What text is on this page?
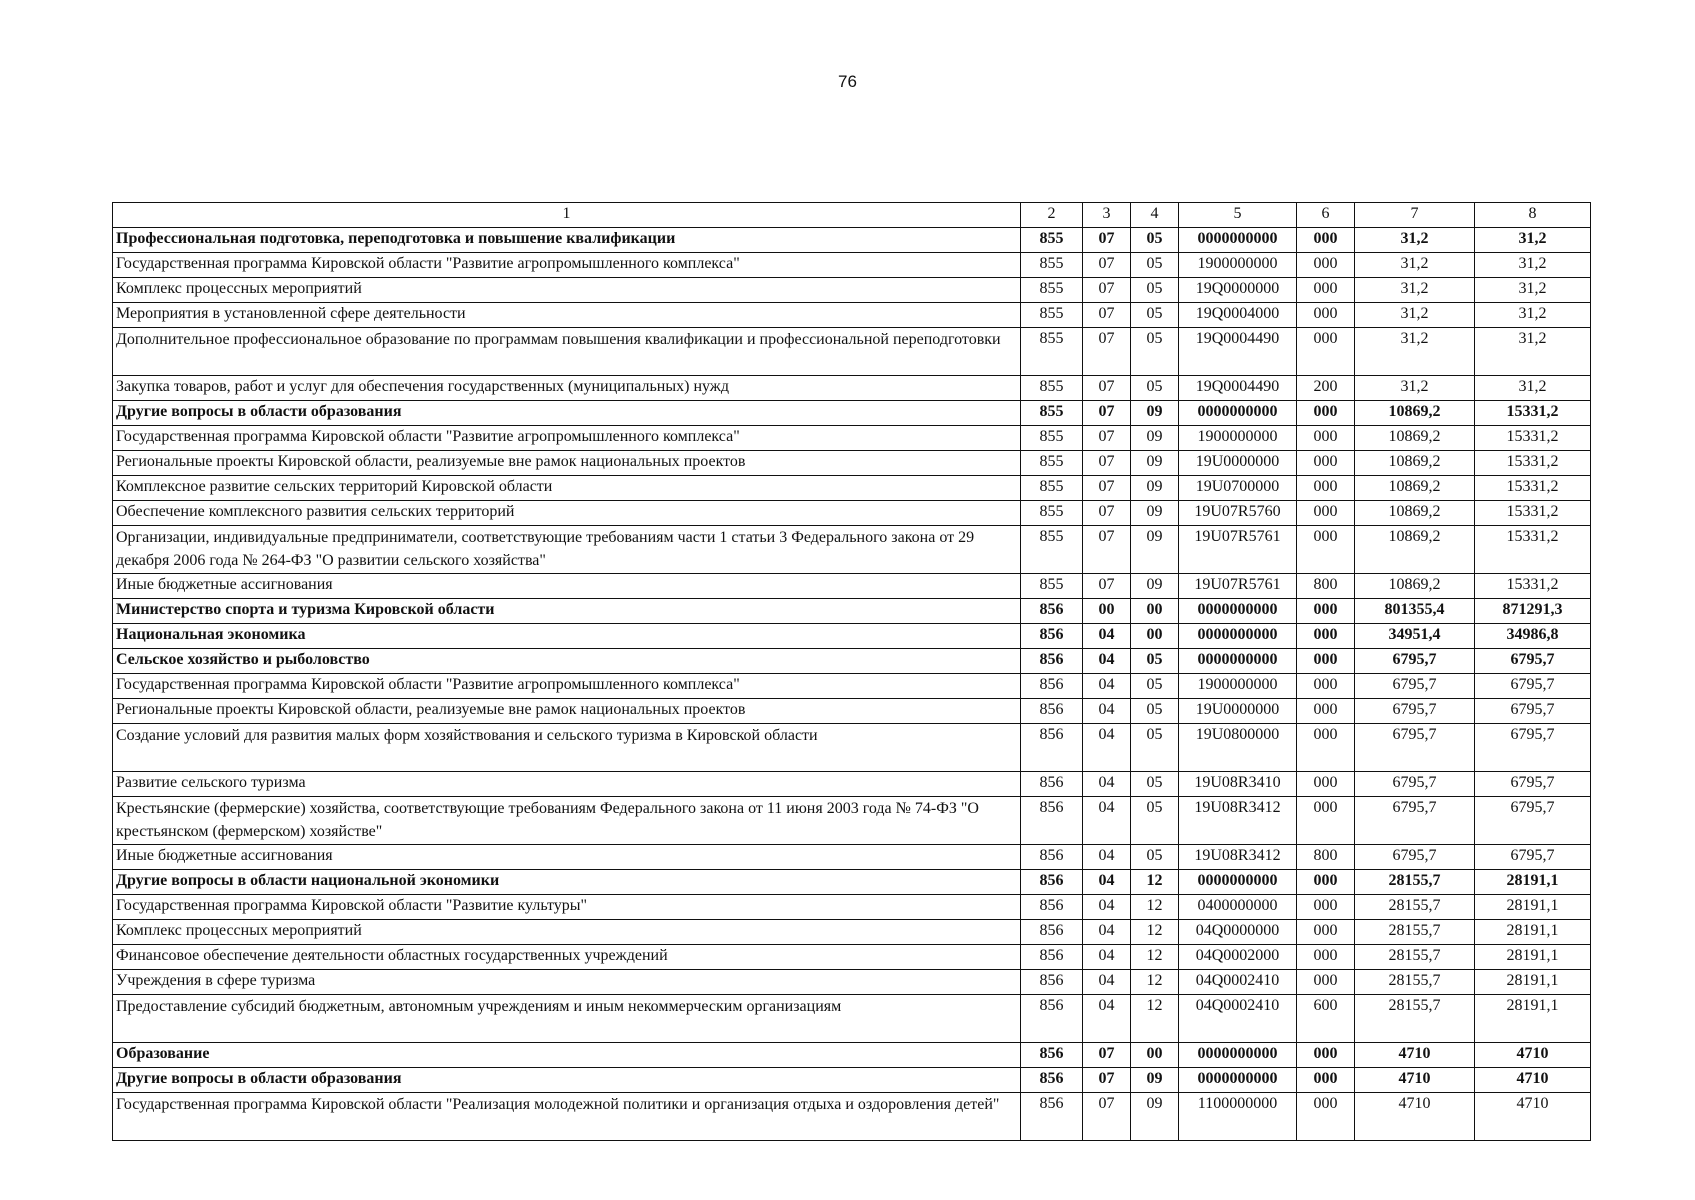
76
1	2	3	4	5	6	7	8
Профессиональная подготовка, переподготовка и повышение квалификации	855	07	05	0000000000	000	31,2	31,2
Государственная программа Кировской области "Развитие агропромышленного комплекса"	855	07	05	1900000000	000	31,2	31,2
Комплекс процессных мероприятий	855	07	05	19Q0000000	000	31,2	31,2
Мероприятия в установленной сфере деятельности	855	07	05	19Q0004000	000	31,2	31,2
Дополнительное профессиональное образование по программам повышения квалификации и профессиональной переподготовки	855	07	05	19Q0004490	000	31,2	31,2
Закупка товаров, работ и услуг для обеспечения государственных (муниципальных) нужд	855	07	05	19Q0004490	200	31,2	31,2
Другие вопросы в области образования	855	07	09	0000000000	000	10869,2	15331,2
Государственная программа Кировской области "Развитие агропромышленного комплекса"	855	07	09	1900000000	000	10869,2	15331,2
Региональные проекты Кировской области, реализуемые вне рамок национальных проектов	855	07	09	19U0000000	000	10869,2	15331,2
Комплексное развитие сельских территорий Кировской области	855	07	09	19U0700000	000	10869,2	15331,2
Обеспечение комплексного развития сельских территорий	855	07	09	19U07R5760	000	10869,2	15331,2
Организации, индивидуальные предприниматели, соответствующие требованиям части 1 статьи 3 Федерального закона от 29 декабря 2006 года № 264-ФЗ "О развитии сельского хозяйства"	855	07	09	19U07R5761	000	10869,2	15331,2
Иные бюджетные ассигнования	855	07	09	19U07R5761	800	10869,2	15331,2
Министерство спорта и туризма Кировской области	856	00	00	0000000000	000	801355,4	871291,3
Национальная экономика	856	04	00	0000000000	000	34951,4	34986,8
Сельское хозяйство и рыболовство	856	04	05	0000000000	000	6795,7	6795,7
Государственная программа Кировской области "Развитие агропромышленного комплекса"	856	04	05	1900000000	000	6795,7	6795,7
Региональные проекты Кировской области, реализуемые вне рамок национальных проектов	856	04	05	19U0000000	000	6795,7	6795,7
Создание условий для развития малых форм хозяйствования и сельского туризма в Кировской области	856	04	05	19U0800000	000	6795,7	6795,7
Развитие сельского туризма	856	04	05	19U08R3410	000	6795,7	6795,7
Крестьянские (фермерские) хозяйства, соответствующие требованиям Федерального закона от 11 июня 2003 года № 74-ФЗ "О крестьянском (фермерском) хозяйстве"	856	04	05	19U08R3412	000	6795,7	6795,7
Иные бюджетные ассигнования	856	04	05	19U08R3412	800	6795,7	6795,7
Другие вопросы в области национальной экономики	856	04	12	0000000000	000	28155,7	28191,1
Государственная программа Кировской области "Развитие культуры"	856	04	12	0400000000	000	28155,7	28191,1
Комплекс процессных мероприятий	856	04	12	04Q0000000	000	28155,7	28191,1
Финансовое обеспечение деятельности областных государственных учреждений	856	04	12	04Q0002000	000	28155,7	28191,1
Учреждения в сфере туризма	856	04	12	04Q0002410	000	28155,7	28191,1
Предоставление субсидий бюджетным, автономным учреждениям и иным некоммерческим организациям	856	04	12	04Q0002410	600	28155,7	28191,1
Образование	856	07	00	0000000000	000	4710	4710
Другие вопросы в области образования	856	07	09	0000000000	000	4710	4710
Государственная программа Кировской области "Реализация молодежной политики и организация отдыха и оздоровления детей"	856	07	09	1100000000	000	4710	4710
